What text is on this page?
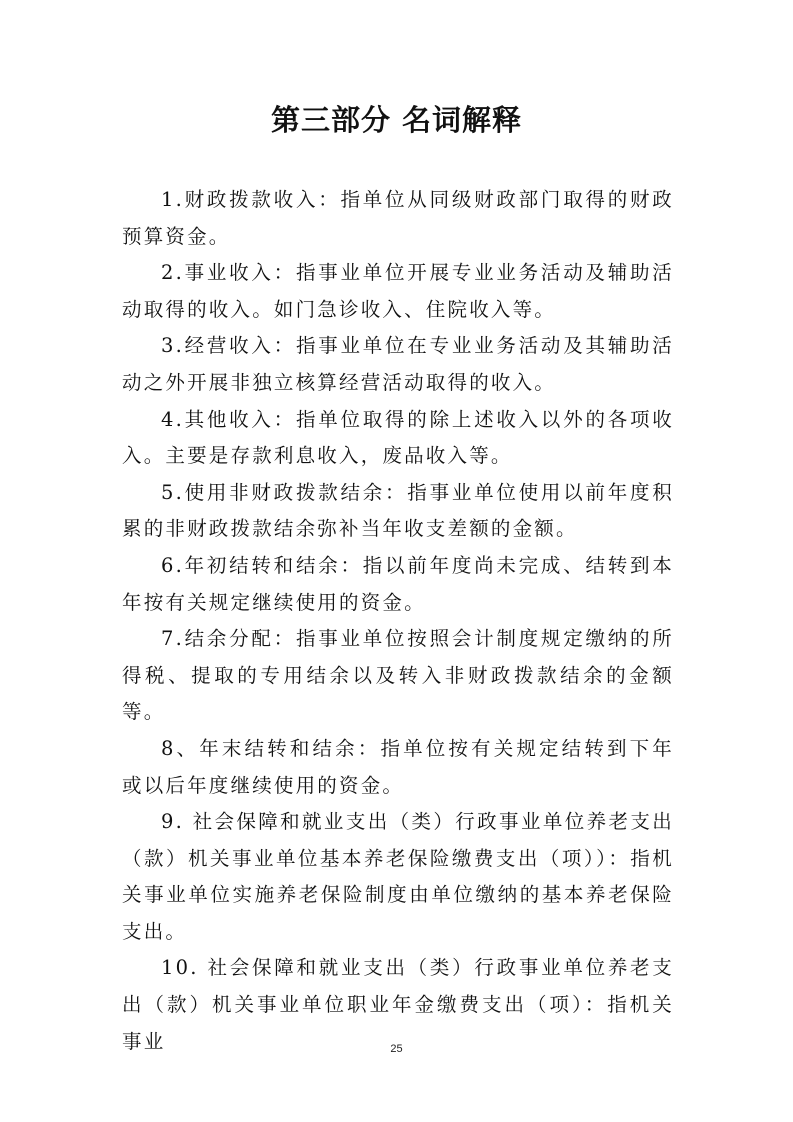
第三部分 名词解释

1.财政拨款收入：指单位从同级财政部门取得的财政预算资金。

2.事业收入：指事业单位开展专业业务活动及辅助活动取得的收入。如门急诊收入、住院收入等。

3.经营收入：指事业单位在专业业务活动及其辅助活动之外开展非独立核算经营活动取得的收入。

4.其他收入：指单位取得的除上述收入以外的各项收入。主要是存款利息收入，废品收入等。

5.使用非财政拨款结余：指事业单位使用以前年度积累的非财政拨款结余弥补当年收支差额的金额。

6.年初结转和结余：指以前年度尚未完成、结转到本年按有关规定继续使用的资金。

7.结余分配：指事业单位按照会计制度规定缴纳的所得税、提取的专用结余以及转入非财政拨款结余的金额等。

8、年末结转和结余：指单位按有关规定结转到下年或以后年度继续使用的资金。

9. 社会保障和就业支出（类）行政事业单位养老支出（款）机关事业单位基本养老保险缴费支出（项））：指机关事业单位实施养老保险制度由单位缴纳的基本养老保险支出。

10. 社会保障和就业支出（类）行政事业单位养老支出（款）机关事业单位职业年金缴费支出（项）：指机关事业	25
